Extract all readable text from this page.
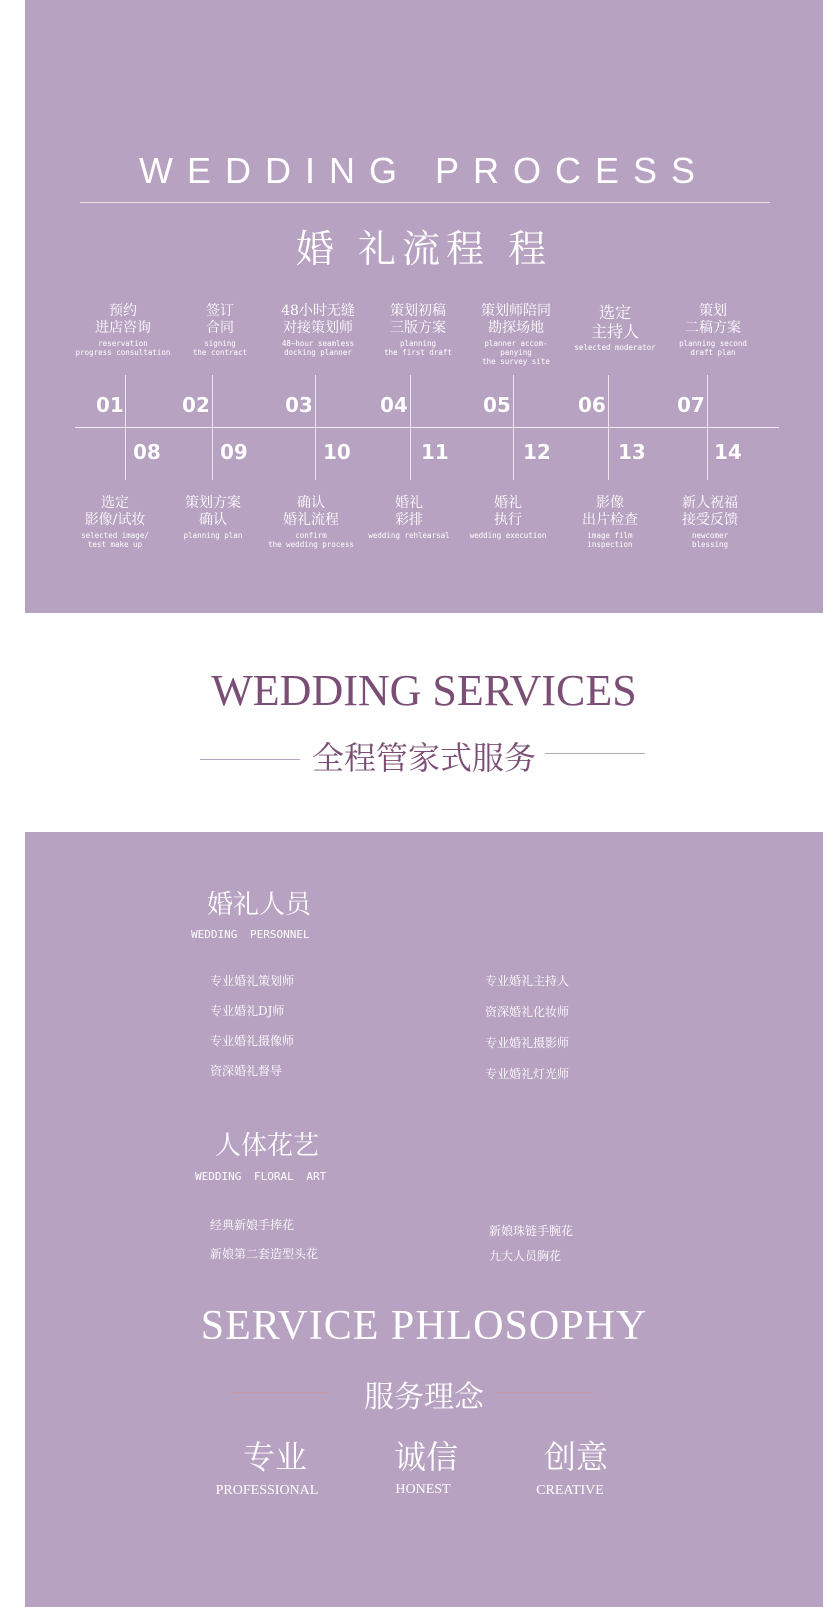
WEDDING PROCESS
婚 礼流程 程
预约
进店咨询
reservation
progress consultation
签订
合同
signing
the contract
48小时无缝
对接策划师
48—hour seamless
docking planner
策划初稿
三版方案
planning
the first draft
策划师陪同
勘探场地
planner accom-
panying
the survey site
选定
主持人
selected moderator
策划
二稿方案
planning second
draft plan
01	02	03	04	05	06	07
08	09	10	11	12	13	14
选定
影像/试妆
selected image/
test make up
策划方案
确认
planning plan
确认
婚礼流程
confirm
the wedding process
婚礼
彩排
wedding rehlearsal
婚礼
执行
wedding execution
影像
出片检查
image film
inspection
新人祝福
接受反馈
newcomer
blessing
WEDDING SERVICES
全程管家式服务
婚礼人员
WEDDING PERSONNEL
专业婚礼策划师
专业婚礼DJ师
专业婚礼摄像师
资深婚礼督导
专业婚礼主持人
资深婚礼化妆师
专业婚礼摄影师
专业婚礼灯光师
人体花艺
WEDDING FLORAL ART
经典新娘手捧花
新娘第二套造型头花
新娘珠链手腕花
九大人员胸花
SERVICE PHLOSOPHY
服务理念
专业
PROFESSIONAL
诚信
HONEST
创意
CREATIVE
